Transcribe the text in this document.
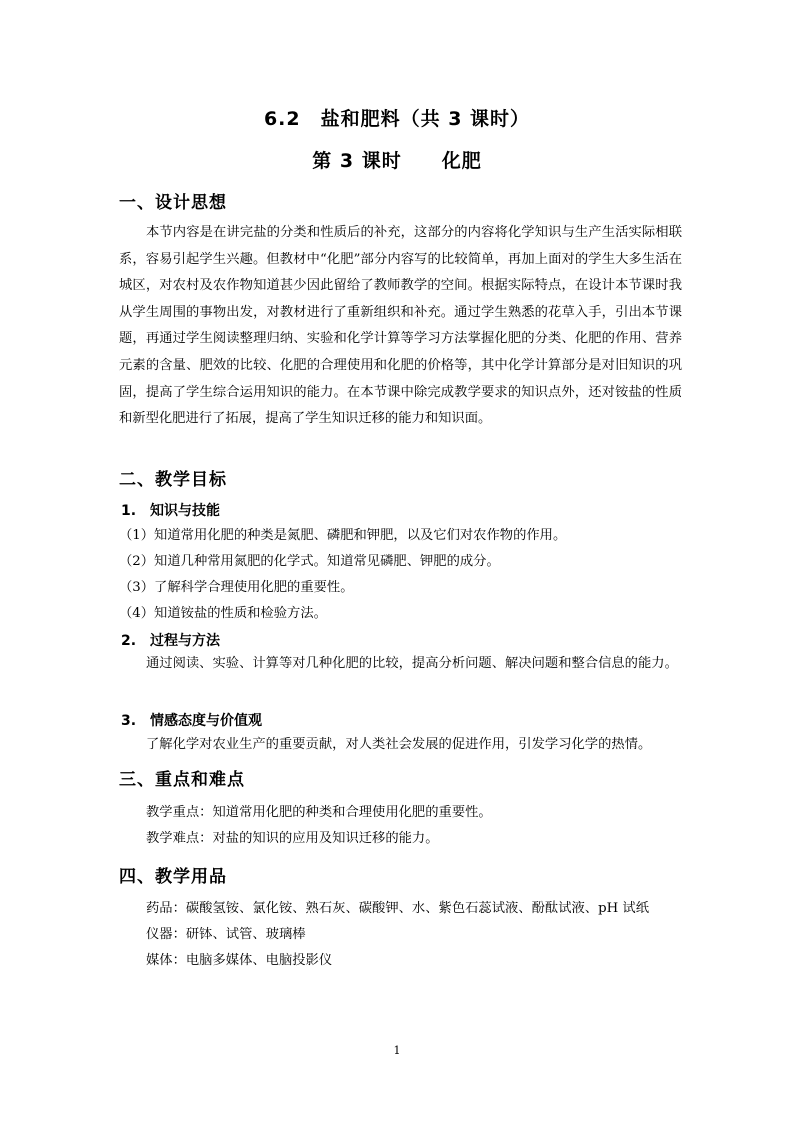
6.2　盐和肥料（共 3 课时）
第 3 课时　　化肥
一、设计思想

本节内容是在讲完盐的分类和性质后的补充，这部分的内容将化学知识与生产生活实际相联系，容易引起学生兴趣。但教材中“化肥”部分内容写的比较简单，再加上面对的学生大多生活在城区，对农村及农作物知道甚少因此留给了教师教学的空间。根据实际特点，在设计本节课时我从学生周围的事物出发，对教材进行了重新组织和补充。通过学生熟悉的花草入手，引出本节课题，再通过学生阅读整理归纳、实验和化学计算等学习方法掌握化肥的分类、化肥的作用、营养元素的含量、肥效的比较、化肥的合理使用和化肥的价格等，其中化学计算部分是对旧知识的巩固，提高了学生综合运用知识的能力。在本节课中除完成教学要求的知识点外，还对铵盐的性质和新型化肥进行了拓展，提高了学生知识迁移的能力和知识面。

二、教学目标
1.　知识与技能
（1）知道常用化肥的种类是氮肥、磷肥和钾肥，以及它们对农作物的作用。
（2）知道几种常用氮肥的化学式。知道常见磷肥、钾肥的成分。
（3）了解科学合理使用化肥的重要性。
（4）知道铵盐的性质和检验方法。
2.　过程与方法

通过阅读、实验、计算等对几种化肥的比较，提高分析问题、解决问题和整合信息的能力。

3.　情感态度与价值观
了解化学对农业生产的重要贡献，对人类社会发展的促进作用，引发学习化学的热情。
三、重点和难点
教学重点：知道常用化肥的种类和合理使用化肥的重要性。
教学难点：对盐的知识的应用及知识迁移的能力。
四、教学用品
药品：碳酸氢铵、氯化铵、熟石灰、碳酸钾、水、紫色石蕊试液、酚酞试液、pH 试纸
仪器：研钵、试管、玻璃棒
媒体：电脑多媒体、电脑投影仪
1
